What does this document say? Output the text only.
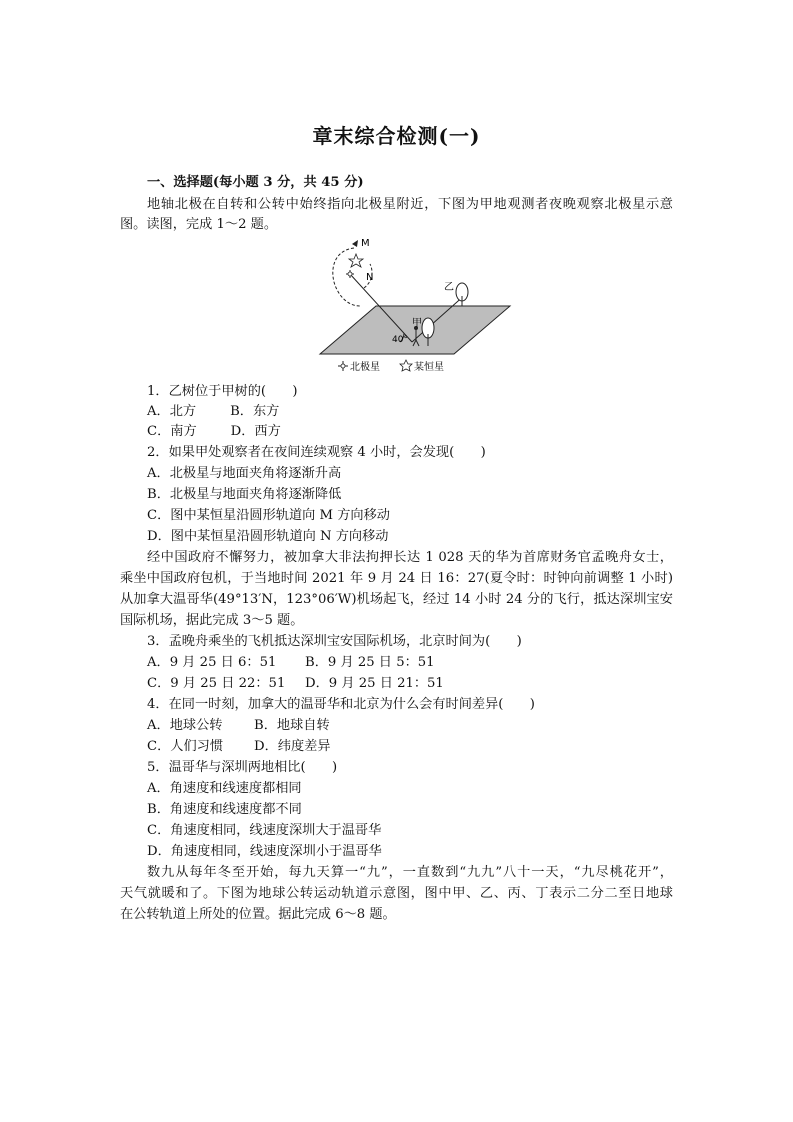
章末综合检测(一)
一、选择题(每小题 3 分，共 45 分)
地轴北极在自转和公转中始终指向北极星附近，下图为甲地观测者夜晚观察北极星示意
图。读图，完成 1～2 题。
M
N
乙
甲
40°
北极星	某恒星
1．乙树位于甲树的(　　)
A．北方	B．东方
C．南方	D．西方
2．如果甲处观察者在夜间连续观察 4 小时，会发现(　　)
A．北极星与地面夹角将逐渐升高
B．北极星与地面夹角将逐渐降低
C．图中某恒星沿圆形轨道向 M 方向移动
D．图中某恒星沿圆形轨道向 N 方向移动
经中国政府不懈努力，被加拿大非法拘押长达 1 028 天的华为首席财务官孟晚舟女士，
乘坐中国政府包机，于当地时间 2021 年 9 月 24 日 16：27(夏令时：时钟向前调整 1 小时)
从加拿大温哥华(49°13′N，123°06′W)机场起飞，经过 14 小时 24 分的飞行，抵达深圳宝安
国际机场，据此完成 3～5 题。
3．孟晚舟乘坐的飞机抵达深圳宝安国际机场，北京时间为(　　)
A．9 月 25 日 6：51 B．9 月 25 日 5：51
C．9 月 25 日 22：51 D．9 月 25 日 21：51
4．在同一时刻，加拿大的温哥华和北京为什么会有时间差异(　　)
A．地球公转 B．地球自转
C．人们习惯 D．纬度差异
5．温哥华与深圳两地相比(　　)
A．角速度和线速度都相同
B．角速度和线速度都不同
C．角速度相同，线速度深圳大于温哥华
D．角速度相同，线速度深圳小于温哥华
数九从每年冬至开始，每九天算一“九”，一直数到“九九”八十一天，“九尽桃花开”，
天气就暖和了。下图为地球公转运动轨道示意图，图中甲、乙、丙、丁表示二分二至日地球
在公转轨道上所处的位置。据此完成 6～8 题。
